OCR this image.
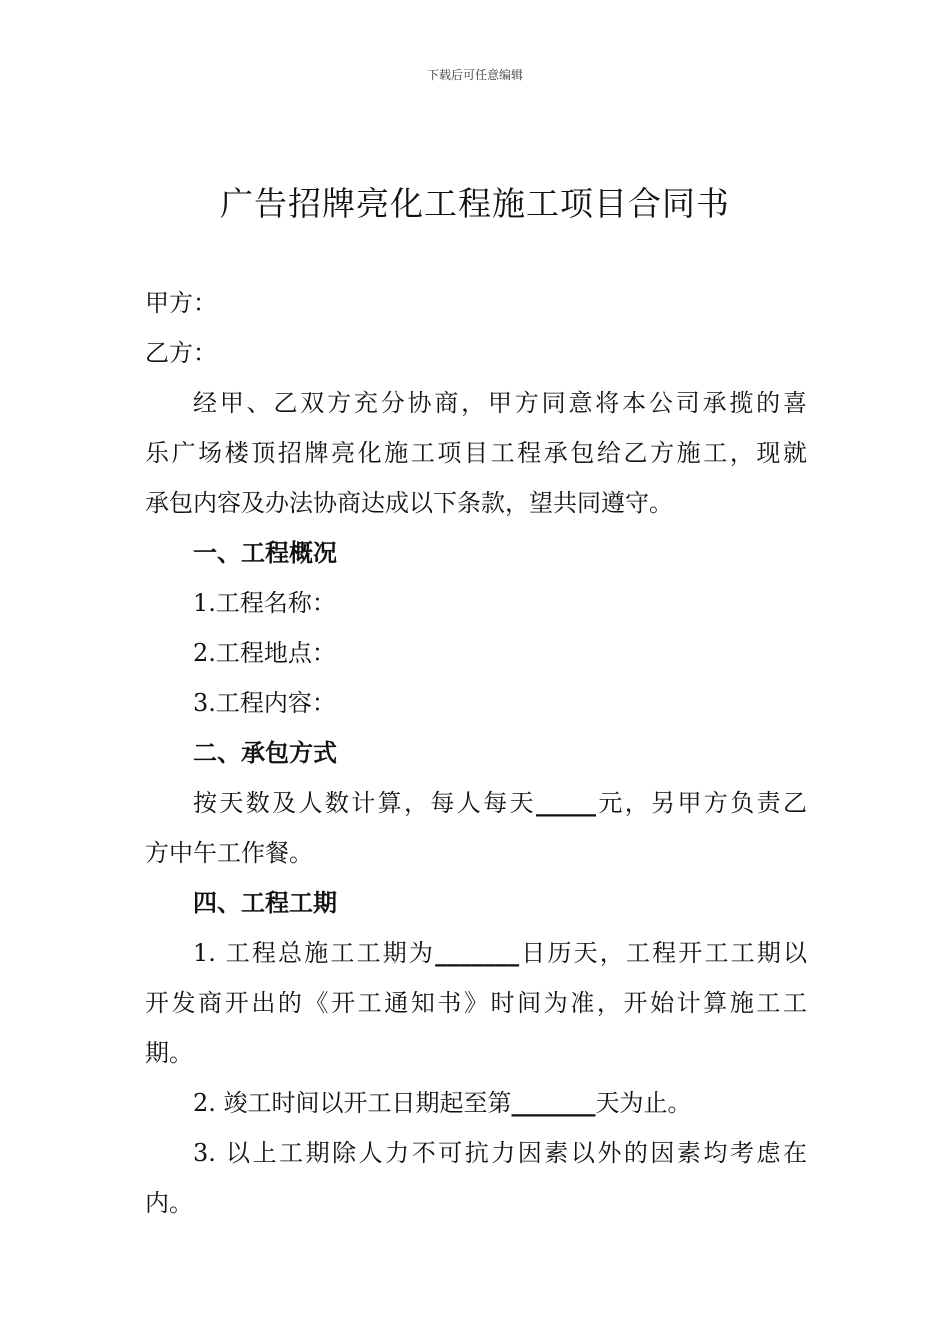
下载后可任意编辑
广告招牌亮化工程施工项目合同书
甲方：
乙方：
经甲、乙双方充分协商，甲方同意将本公司承揽的喜
乐广场楼顶招牌亮化施工项目工程承包给乙方施工，现就
承包内容及办法协商达成以下条款，望共同遵守。
一、工程概况
1.工程名称：
2.工程地点：
3.工程内容：
二、承包方式
按天数及人数计算，每人每天_____元，另甲方负责乙
方中午工作餐。
四、工程工期
1. 工程总施工工期为_______日历天，工程开工工期以
开发商开出的《开工通知书》时间为准，开始计算施工工
期。
2. 竣工时间以开工日期起至第_______天为止。
3. 以上工期除人力不可抗力因素以外的因素均考虑在
内。
